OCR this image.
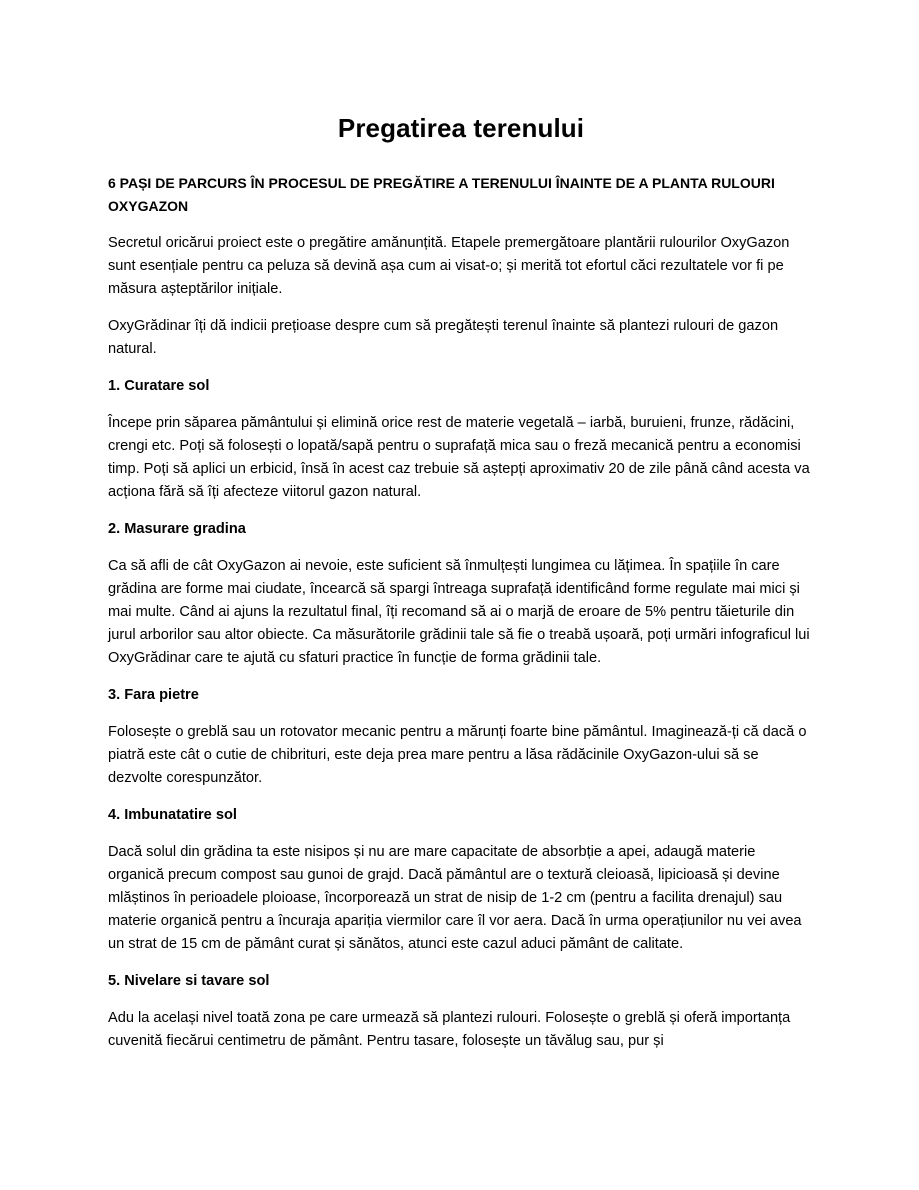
Pregatirea terenului
6 PAȘI DE PARCURS ÎN PROCESUL DE PREGĂTIRE A TERENULUI ÎNAINTE DE A PLANTA RULOURI OXYGAZON

Secretul oricărui proiect este o pregătire amănunțită. Etapele premergătoare plantării rulourilor OxyGazon sunt esențiale pentru ca peluza să devină așa cum ai visat-o; și merită tot efortul căci rezultatele vor fi pe măsura așteptărilor inițiale.

OxyGrădinar îți dă indicii prețioase despre cum să pregătești terenul înainte să plantezi rulouri de gazon natural.

1. Curatare sol

Începe prin săparea pământului și elimină orice rest de materie vegetală – iarbă, buruieni, frunze, rădăcini, crengi etc. Poți să folosești o lopată/sapă pentru o suprafață mica sau o freză mecanică pentru a economisi timp. Poți să aplici un erbicid, însă în acest caz trebuie să aștepți aproximativ 20 de zile până când acesta va acționa fără să îți afecteze viitorul gazon natural.

2. Masurare gradina

Ca să afli de cât OxyGazon ai nevoie, este suficient să înmulțești lungimea cu lățimea. În spațiile în care grădina are forme mai ciudate, încearcă să spargi întreaga suprafață identificând forme regulate mai mici și mai multe. Când ai ajuns la rezultatul final, îți recomand să ai o marjă de eroare de 5% pentru tăieturile din jurul arborilor sau altor obiecte. Ca măsurătorile grădinii tale să fie o treabă ușoară, poți urmări infograficul lui OxyGrădinar care te ajută cu sfaturi practice în funcție de forma grădinii tale.

3. Fara pietre

Folosește o greblă sau un rotovator mecanic pentru a mărunți foarte bine pământul. Imaginează-ți că dacă o piatră este cât o cutie de chibrituri, este deja prea mare pentru a lăsa rădăcinile OxyGazon-ului să se dezvolte corespunzător.

4. Imbunatatire sol

Dacă solul din grădina ta este nisipos și nu are mare capacitate de absorbție a apei, adaugă materie organică precum compost sau gunoi de grajd. Dacă pământul are o textură cleioasă, lipicioasă și devine mlăștinos în perioadele ploioase, încorporează un strat de nisip de 1-2 cm (pentru a facilita drenajul) sau materie organică pentru a încuraja apariția viermilor care îl vor aera. Dacă în urma operațiunilor nu vei avea un strat de 15 cm de pământ curat și sănătos, atunci este cazul aduci pământ de calitate.

5. Nivelare si tavare sol

Adu la același nivel toată zona pe care urmează să plantezi rulouri. Folosește o greblă și oferă importanța cuvenită fiecărui centimetru de pământ. Pentru tasare, folosește un tăvălug sau, pur și
